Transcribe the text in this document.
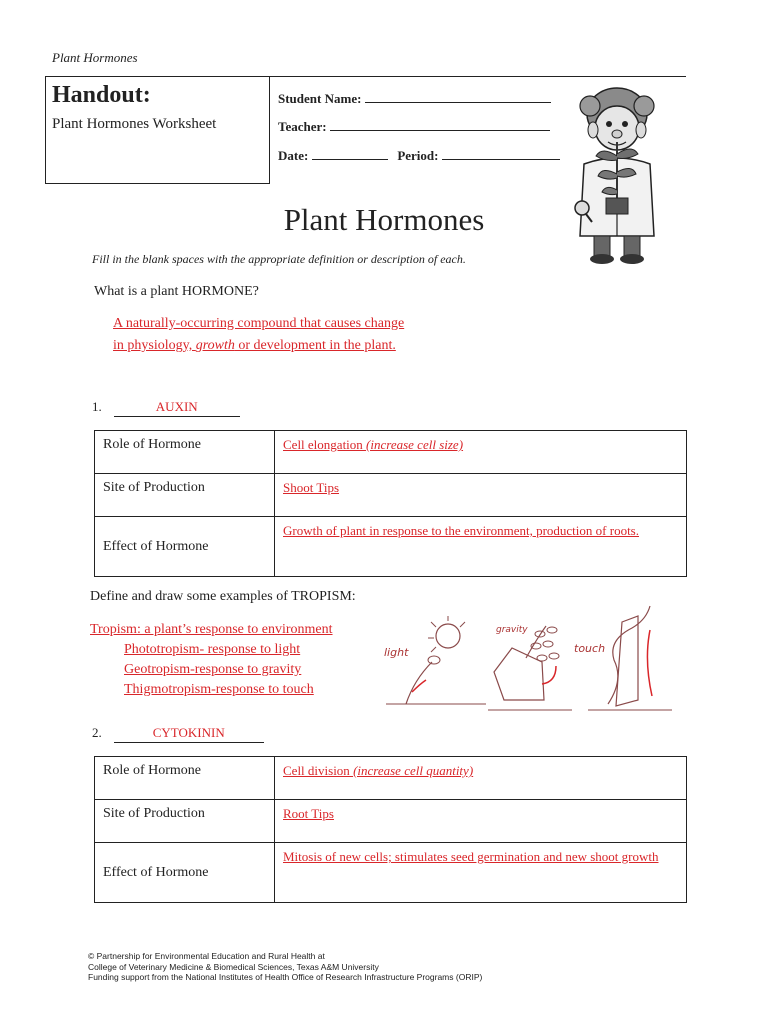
Plant Hormones
Handout:
Plant Hormones Worksheet
Student Name:
Teacher:
Date:	Period:
Plant Hormones
Fill in the blank spaces with the appropriate definition or description of each.
What is a plant HORMONE?
A naturally-occurring compound that causes change
in physiology, growth or development in the plant.
1.	AUXIN
Role of Hormone	Cell elongation (increase cell size)
Site of Production	Shoot Tips
Effect of Hormone	Growth of plant in response to the environment, production of roots.
Define and draw some examples of TROPISM:
Tropism: a plant’s response to environment
Phototropism- response to light
Geotropism-response to gravity
Thigmotropism-response to touch
light
gravity
touch
2.	CYTOKININ
Role of Hormone	Cell division (increase cell quantity)
Site of Production	Root Tips
Effect of Hormone	Mitosis of new cells; stimulates seed germination and new shoot growth
© Partnership for Environmental Education and Rural Health at
College of Veterinary Medicine & Biomedical Sciences, Texas A&M University
Funding support from the National Institutes of Health Office of Research Infrastructure Programs (ORIP)
